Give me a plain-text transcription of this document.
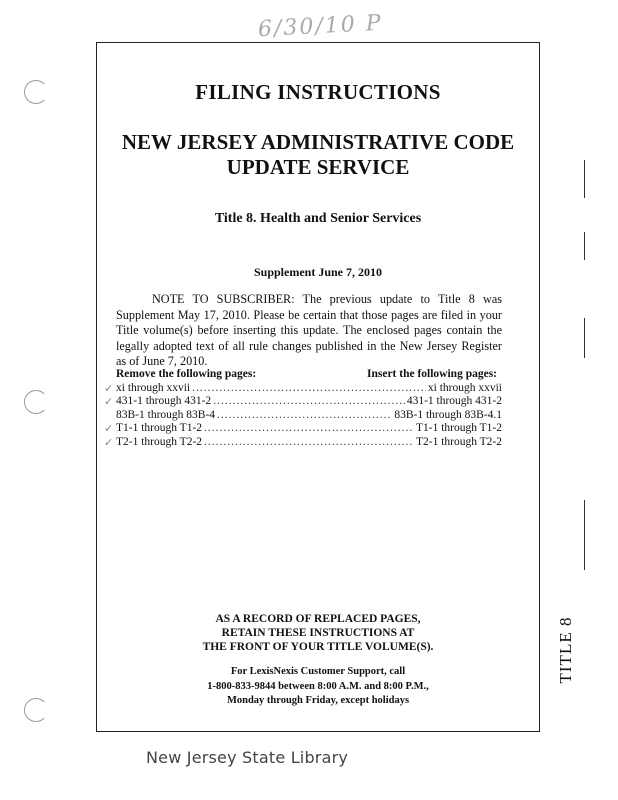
6/30/10 P
FILING INSTRUCTIONS
NEW JERSEY ADMINISTRATIVE CODE
UPDATE SERVICE
Title 8. Health and Senior Services
Supplement June 7, 2010
NOTE TO SUBSCRIBER: The previous update to Title 8 was Supplement May 17, 2010. Please be certain that those pages are filed in your Title volume(s) before inserting this update. The enclosed pages contain the legally adopted text of all rule changes published in the New Jersey Register as of June 7, 2010.
Remove the following pages:	Insert the following pages:
✓ xi through xxvii .....	xi through xxvii
✓ 431-1 through 431-2 .....	431-1 through 431-2
83B-1 through 83B-4 .....	83B-1 through 83B-4.1
✓ T1-1 through T1-2 .....	T1-1 through T1-2
✓ T2-1 through T2-2 .....	T2-1 through T2-2
AS A RECORD OF REPLACED PAGES,
RETAIN THESE INSTRUCTIONS AT
THE FRONT OF YOUR TITLE VOLUME(S).
For LexisNexis Customer Support, call
1-800-833-9844 between 8:00 A.M. and 8:00 P.M.,
Monday through Friday, except holidays
TITLE 8
New Jersey State Library
